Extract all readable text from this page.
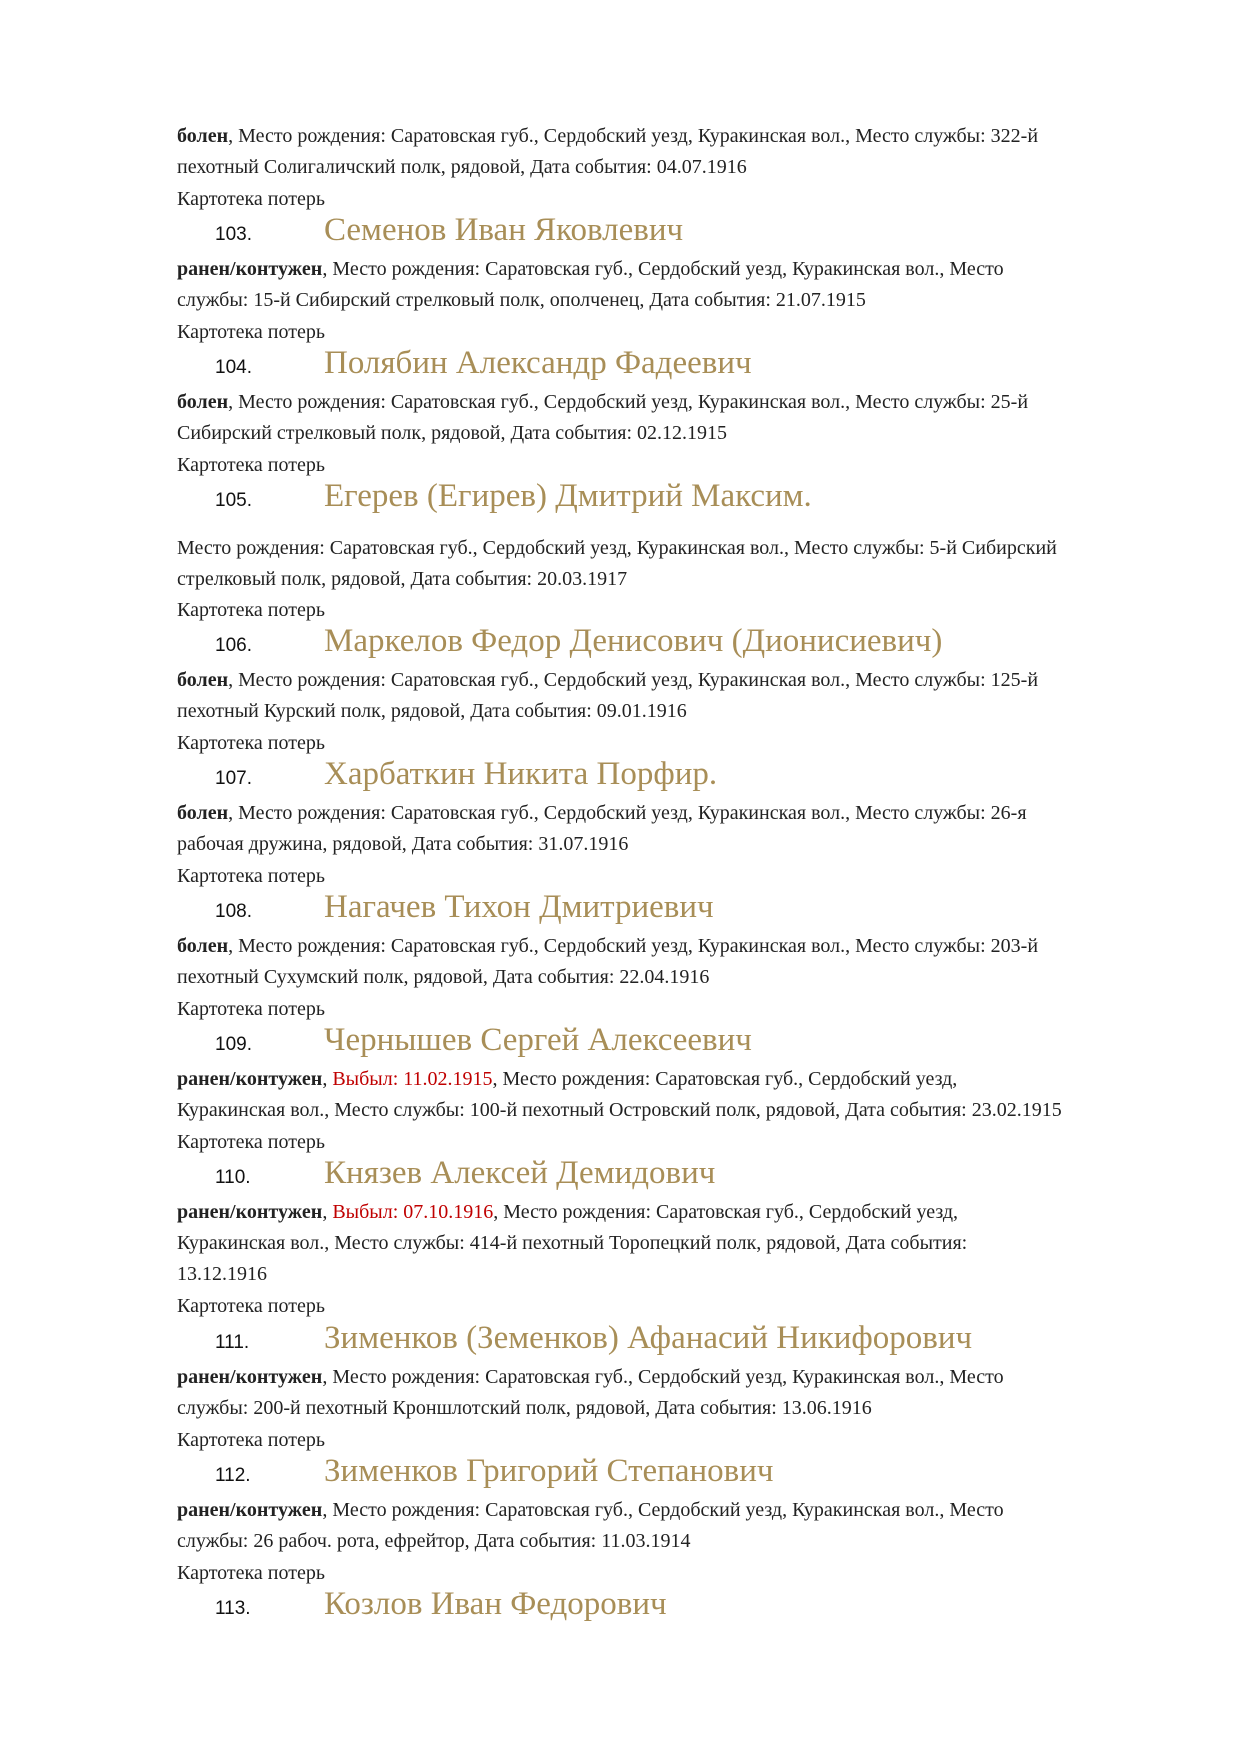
болен, Место рождения: Саратовская губ., Сердобский уезд, Куракинская вол., Место службы: 322-й
пехотный Солигаличский полк, рядовой, Дата события: 04.07.1916
Картотека потерь
103. Семенов Иван Яковлевич
ранен/контужен, Место рождения: Саратовская губ., Сердобский уезд, Куракинская вол., Место
службы: 15-й Сибирский стрелковый полк, ополченец, Дата события: 21.07.1915
Картотека потерь
104. Полябин Александр Фадеевич
болен, Место рождения: Саратовская губ., Сердобский уезд, Куракинская вол., Место службы: 25-й
Сибирский стрелковый полк, рядовой, Дата события: 02.12.1915
Картотека потерь
105. Егерев (Егирев) Дмитрий Максим.
Место рождения: Саратовская губ., Сердобский уезд, Куракинская вол., Место службы: 5-й Сибирский
стрелковый полк, рядовой, Дата события: 20.03.1917
Картотека потерь
106. Маркелов Федор Денисович (Дионисиевич)
болен, Место рождения: Саратовская губ., Сердобский уезд, Куракинская вол., Место службы: 125-й
пехотный Курский полк, рядовой, Дата события: 09.01.1916
Картотека потерь
107. Харбаткин Никита Порфир.
болен, Место рождения: Саратовская губ., Сердобский уезд, Куракинская вол., Место службы: 26-я
рабочая дружина, рядовой, Дата события: 31.07.1916
Картотека потерь
108. Нагачев Тихон Дмитриевич
болен, Место рождения: Саратовская губ., Сердобский уезд, Куракинская вол., Место службы: 203-й
пехотный Сухумский полк, рядовой, Дата события: 22.04.1916
Картотека потерь
109. Чернышев Сергей Алексеевич
ранен/контужен, Выбыл: 11.02.1915, Место рождения: Саратовская губ., Сердобский уезд,
Куракинская вол., Место службы: 100-й пехотный Островский полк, рядовой, Дата события: 23.02.1915
Картотека потерь
110. Князев Алексей Демидович
ранен/контужен, Выбыл: 07.10.1916, Место рождения: Саратовская губ., Сердобский уезд,
Куракинская вол., Место службы: 414-й пехотный Торопецкий полк, рядовой, Дата события:
13.12.1916
Картотека потерь
111. Зименков (Земенков) Афанасий Никифорович
ранен/контужен, Место рождения: Саратовская губ., Сердобский уезд, Куракинская вол., Место
службы: 200-й пехотный Кроншлотский полк, рядовой, Дата события: 13.06.1916
Картотека потерь
112. Зименков Григорий Степанович
ранен/контужен, Место рождения: Саратовская губ., Сердобский уезд, Куракинская вол., Место
службы: 26 рабоч. рота, ефрейтор, Дата события: 11.03.1914
Картотека потерь
113. Козлов Иван Федорович
